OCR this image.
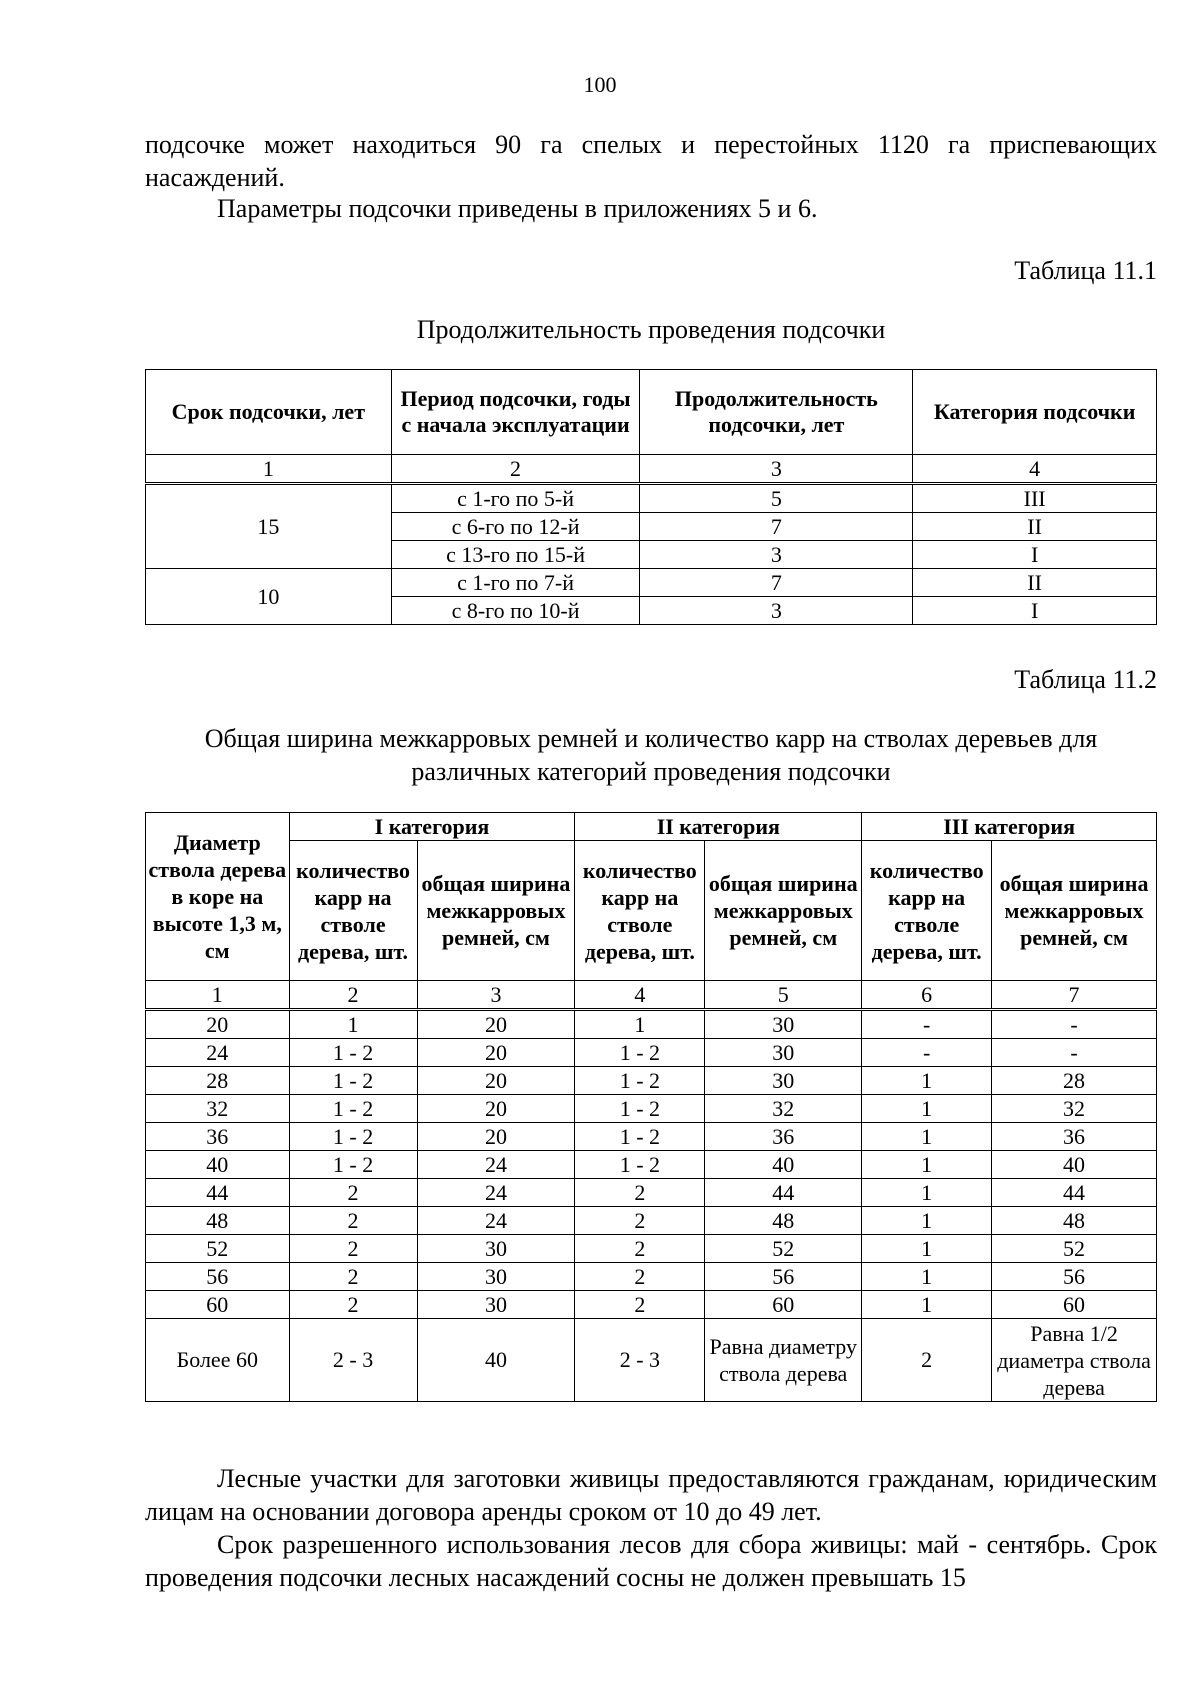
100

подсочке может находиться 90 га спелых и перестойных 1120 га приспевающих насаждений.

Параметры подсочки приведены в приложениях 5 и 6.

Таблица 11.1
Продолжительность проведения подсочки
Срок подсочки, лет	Период подсочки, годы с начала эксплуатации	Продолжительность подсочки, лет	Категория подсочки
1	2	3	4
15	с 1-го по 5-й	5	III
	с 6-го по 12-й	7	II
	с 13-го по 15-й	3	I
10	с 1-го по 7-й	7	II
	с 8-го по 10-й	3	I
Таблица 11.2
Общая ширина межкарровых ремней и количество карр на стволах деревьев для различных категорий проведения подсочки
Диаметр ствола дерева в коре на высоте 1,3 м, см	I категория		II категория		III категория	
	количество карр на стволе дерева, шт.	общая ширина межкарровых ремней, см	количество карр на стволе дерева, шт.	общая ширина межкарровых ремней, см	количество карр на стволе дерева, шт.	общая ширина межкарровых ремней, см
1	2	3	4	5	6	7
20	1	20	1	30	-	-
24	1 - 2	20	1 - 2	30	-	-
28	1 - 2	20	1 - 2	30	1	28
32	1 - 2	20	1 - 2	32	1	32
36	1 - 2	20	1 - 2	36	1	36
40	1 - 2	24	1 - 2	40	1	40
44	2	24	2	44	1	44
48	2	24	2	48	1	48
52	2	30	2	52	1	52
56	2	30	2	56	1	56
60	2	30	2	60	1	60
Более 60	2 - 3	40	2 - 3	Равна диаметру ствола дерева	2	Равна 1/2 диаметра ствола дерева

Лесные участки для заготовки живицы предоставляются гражданам, юридическим лицам на основании договора аренды сроком от 10 до 49 лет.

Срок разрешенного использования лесов для сбора живицы: май - сентябрь. Срок проведения подсочки лесных насаждений сосны не должен превышать 15
